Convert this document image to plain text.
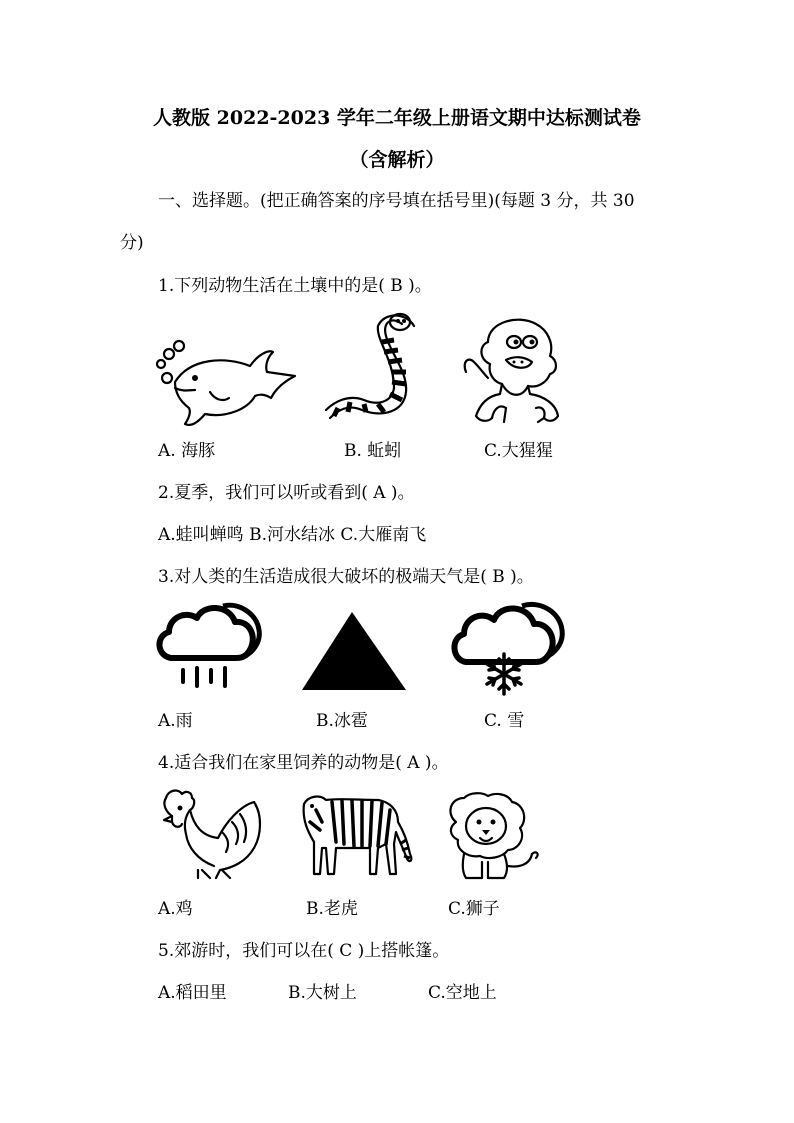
人教版 2022-2023 学年二年级上册语文期中达标测试卷
（含解析）
一、选择题。(把正确答案的序号填在括号里)(每题 3 分，共 30
分)
1.下列动物生活在土壤中的是( B )。
A. 海豚	B. 蚯蚓	C.大猩猩
2.夏季，我们可以听或看到( A )。
A.蛙叫蝉鸣 B.河水结冰 C.大雁南飞
3.对人类的生活造成很大破坏的极端天气是( B )。
A.雨	B.冰雹	C. 雪
4.适合我们在家里饲养的动物是( A )。
A.鸡	B.老虎	C.狮子
5.郊游时，我们可以在( C )上搭帐篷。
A.稻田里	B.大树上	C.空地上
